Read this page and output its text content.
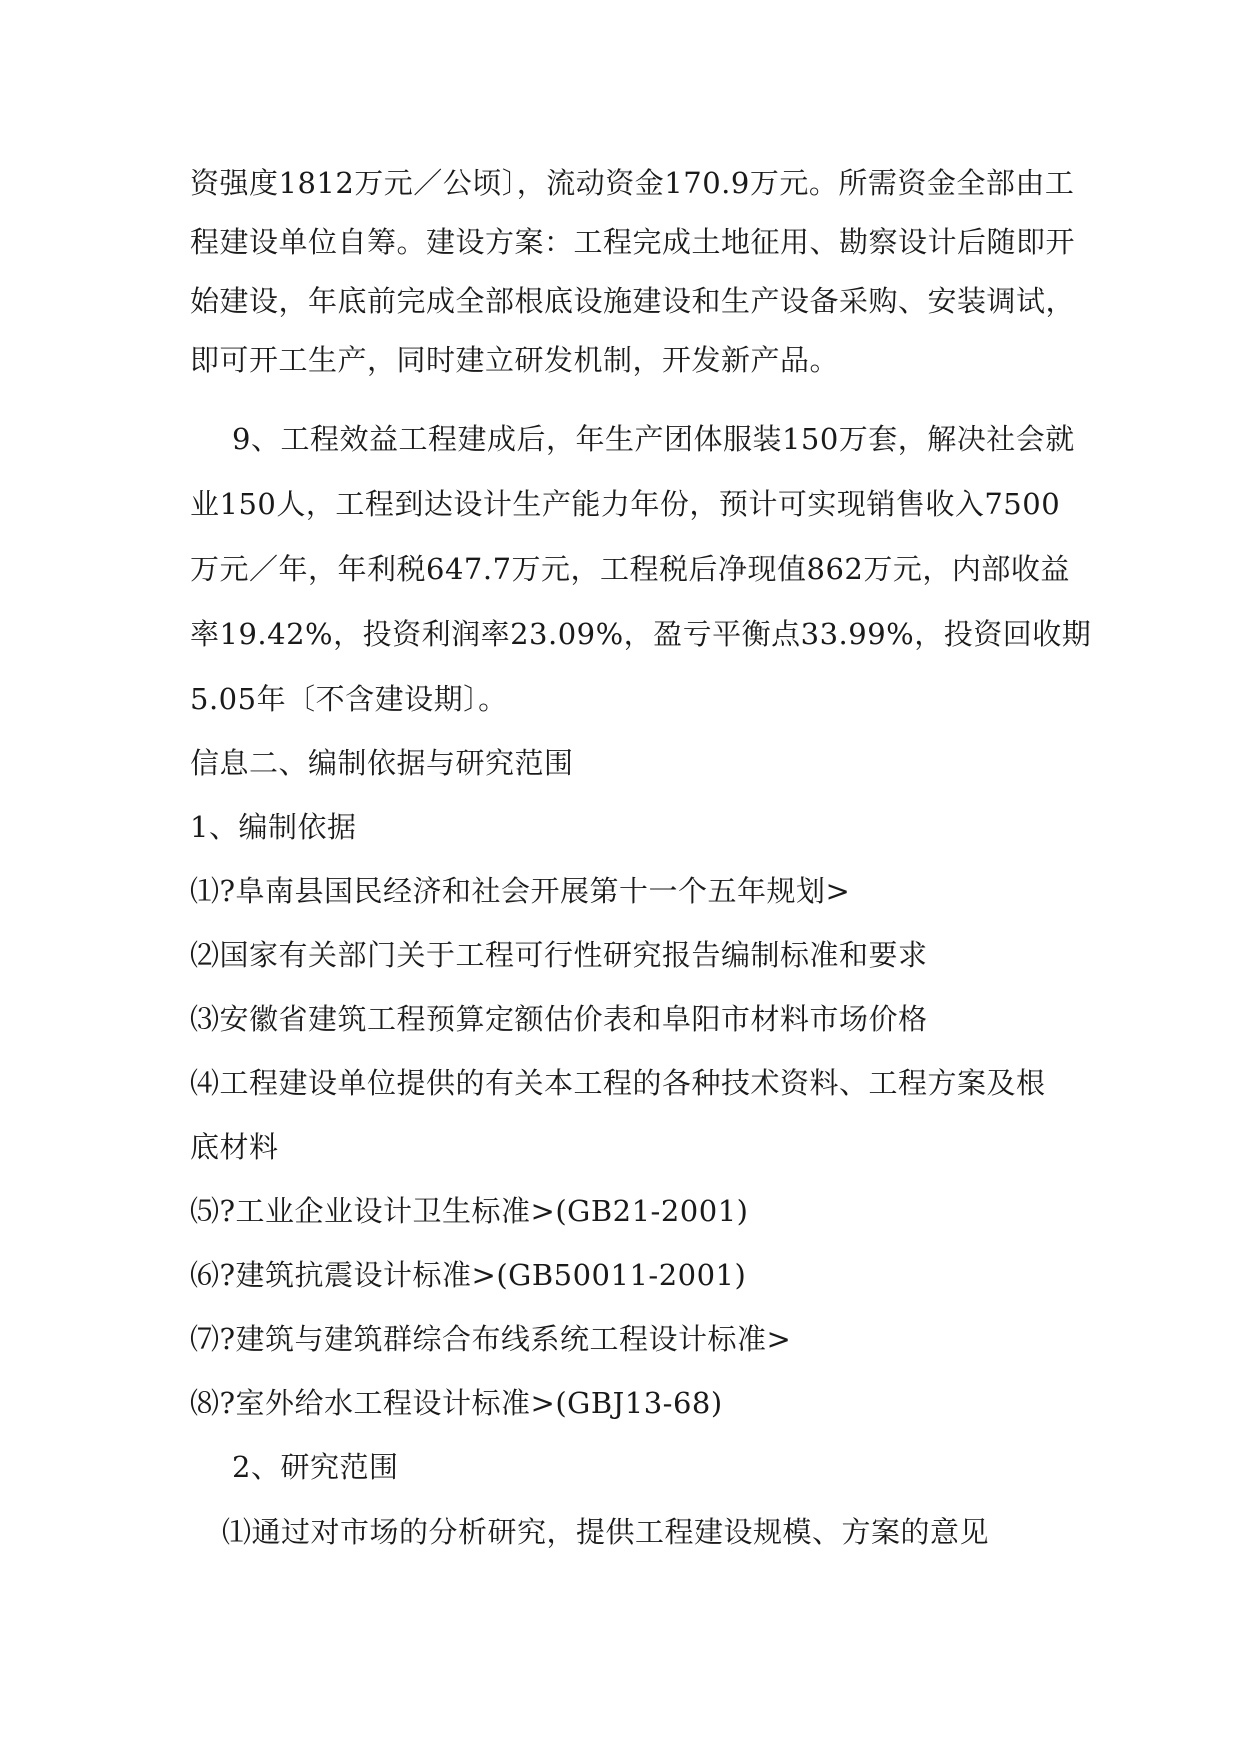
资强度1812万元／公顷〕，流动资金170.9万元。所需资金全部由工
程建设单位自筹。建设方案：工程完成土地征用、勘察设计后随即开
始建设，年底前完成全部根底设施建设和生产设备采购、安装调试，
即可开工生产，同时建立研发机制，开发新产品。
9、工程效益工程建成后，年生产团体服装150万套，解决社会就
业150人，工程到达设计生产能力年份，预计可实现销售收入7500
万元／年，年利税647.7万元，工程税后净现值862万元，内部收益
率19.42%，投资利润率23.09%，盈亏平衡点33.99%，投资回收期
5.05年〔不含建设期〕。
信息二、编制依据与研究范围
1、编制依据
⑴?阜南县国民经济和社会开展第十一个五年规划>
⑵国家有关部门关于工程可行性研究报告编制标准和要求
⑶安徽省建筑工程预算定额估价表和阜阳市材料市场价格
⑷工程建设单位提供的有关本工程的各种技术资料、工程方案及根
底材料
⑸?工业企业设计卫生标准>(GB21-2001)
⑹?建筑抗震设计标准>(GB50011-2001)
⑺?建筑与建筑群综合布线系统工程设计标准>
⑻?室外给水工程设计标准>(GBJ13-68)
2、研究范围
⑴通过对市场的分析研究，提供工程建设规模、方案的意见
